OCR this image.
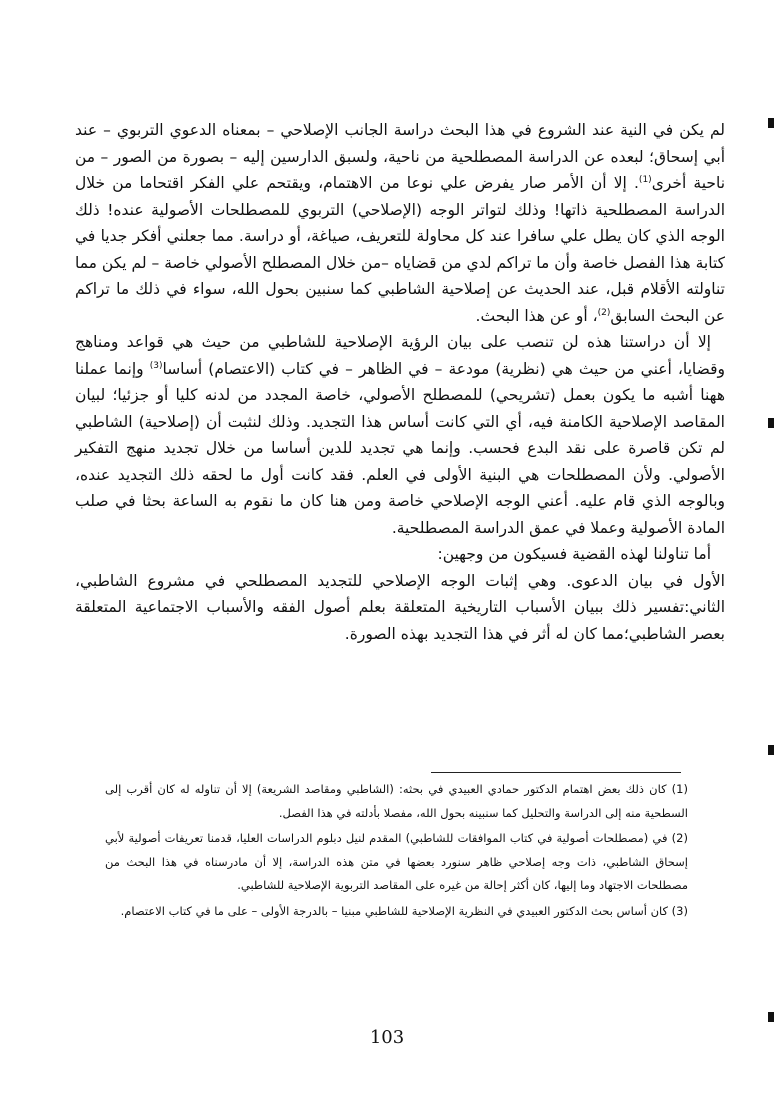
لم يكن في النية عند الشروع في هذا البحث دراسة الجانب الإصلاحي – بمعناه الدعوي التربوي – عند أبي إسحاق؛ لبعده عن الدراسة المصطلحية من ناحية، ولسبق الدارسين إليه – بصورة من الصور – من ناحية أخرى$^{(1)}$. إلا أن الأمر صار يفرض علي نوعا من الاهتمام، ويقتحم علي الفكر اقتحاما من خلال الدراسة المصطلحية ذاتها! وذلك لتواتر الوجه (الإصلاحي) التربوي للمصطلحات الأصولية عنده! ذلك الوجه الذي كان يطل علي سافرا عند كل محاولة للتعريف، صياغة، أو دراسة. مما جعلني أفكر جديا في كتابة هذا الفصل خاصة وأن ما تراكم لدي من قضاياه –من خلال المصطلح الأصولي خاصة – لم يكن مما تناولته الأقلام قبل، عند الحديث عن إصلاحية الشاطبي كما سنبين بحول الله، سواء في ذلك ما تراكم عن البحث السابق$^{(2)}$، أو عن هذا البحث.

إلا أن دراستنا هذه لن تنصب على بيان الرؤية الإصلاحية للشاطبي من حيث هي قواعد ومناهج وقضايا، أعني من حيث هي (نظرية) مودعة – في الظاهر – في كتاب (الاعتصام) أساسا$^{(3)}$ وإنما عملنا ههنا أشبه ما يكون بعمل (تشريحي) للمصطلح الأصولي، خاصة المجدد من لدنه كليا أو جزئيا؛ لبيان المقاصد الإصلاحية الكامنة فيه، أي التي كانت أساس هذا التجديد. وذلك لنثبت أن (إصلاحية) الشاطبي لم تكن قاصرة على نقد البدع فحسب. وإنما هي تجديد للدين أساسا من خلال تجديد منهج التفكير الأصولي. ولأن المصطلحات هي البنية الأولى في العلم. فقد كانت أول ما لحقه ذلك التجديد عنده، وبالوجه الذي قام عليه. أعني الوجه الإصلاحي خاصة ومن هنا كان ما نقوم به الساعة بحثا في صلب المادة الأصولية وعملا في عمق الدراسة المصطلحية.

أما تناولنا لهذه القضية فسيكون من وجهين:

الأول في بيان الدعوى. وهي إثبات الوجه الإصلاحي للتجديد المصطلحي في مشروع الشاطبي، الثاني:تفسير ذلك ببيان الأسباب التاريخية المتعلقة بعلم أصول الفقه والأسباب الاجتماعية المتعلقة بعصر الشاطبي؛مما كان له أثر في هذا التجديد بهذه الصورة.

(1) كان ذلك بعض اهتمام الدكتور حمادي العبيدي في بحثه: (الشاطبي ومقاصد الشريعة) إلا أن تناوله له كان أقرب إلى السطحية منه إلى الدراسة والتحليل كما سنبينه بحول الله، مفصلا بأدلته في هذا الفصل.

(2) في (مصطلحات أصولية في كتاب الموافقات للشاطبي) المقدم لنيل دبلوم الدراسات العليا، قدمنا تعريفات أصولية لأبي إسحاق الشاطبي، ذات وجه إصلاحي ظاهر سنورد بعضها في متن هذه الدراسة، إلا أن مادرسناه في هذا البحث من مصطلحات الاجتهاد وما إليها، كان أكثر إحالة من غيره على المقاصد التربوية الإصلاحية للشاطبي.

(3) كان أساس بحث الدكتور العبيدي في النظرية الإصلاحية للشاطبي مبنيا – بالدرجة الأولى – على ما في كتاب الاعتصام.

103
